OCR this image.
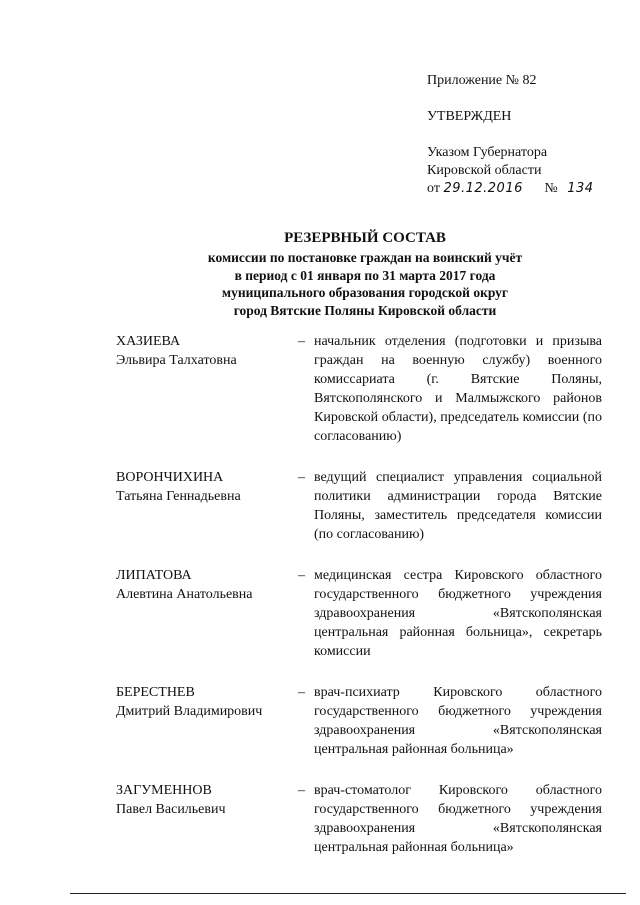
Приложение № 82
УТВЕРЖДЕН
Указом Губернатора
Кировской области
от 29.12.2016 № 134
РЕЗЕРВНЫЙ СОСТАВ
комиссии по постановке граждан на воинский учёт
в период с 01 января по 31 марта 2017 года
муниципального образования городской округ
город Вятские Поляны Кировской области
ХАЗИЕВА
Эльвира Талхатовна
– начальник отделения (подготовки и призыва граждан на военную службу) военного комиссариата (г. Вятские Поляны, Вятскополянского и Малмыжского районов Кировской области), председатель комиссии (по согласованию)
ВОРОНЧИХИНА
Татьяна Геннадьевна
– ведущий специалист управления социальной политики администрации города Вятские Поляны, заместитель председателя комиссии (по согласованию)
ЛИПАТОВА
Алевтина Анатольевна
– медицинская сестра Кировского областного государственного бюджетного учреждения здравоохранения «Вятскополянская центральная районная больница», секретарь комиссии
БЕРЕСТНЕВ
Дмитрий Владимирович
– врач-психиатр Кировского областного государственного бюджетного учреждения здравоохранения «Вятскополянская центральная районная больница»
ЗАГУМЕННОВ
Павел Васильевич
– врач-стоматолог Кировского областного государственного бюджетного учреждения здравоохранения «Вятскополянская центральная районная больница»
